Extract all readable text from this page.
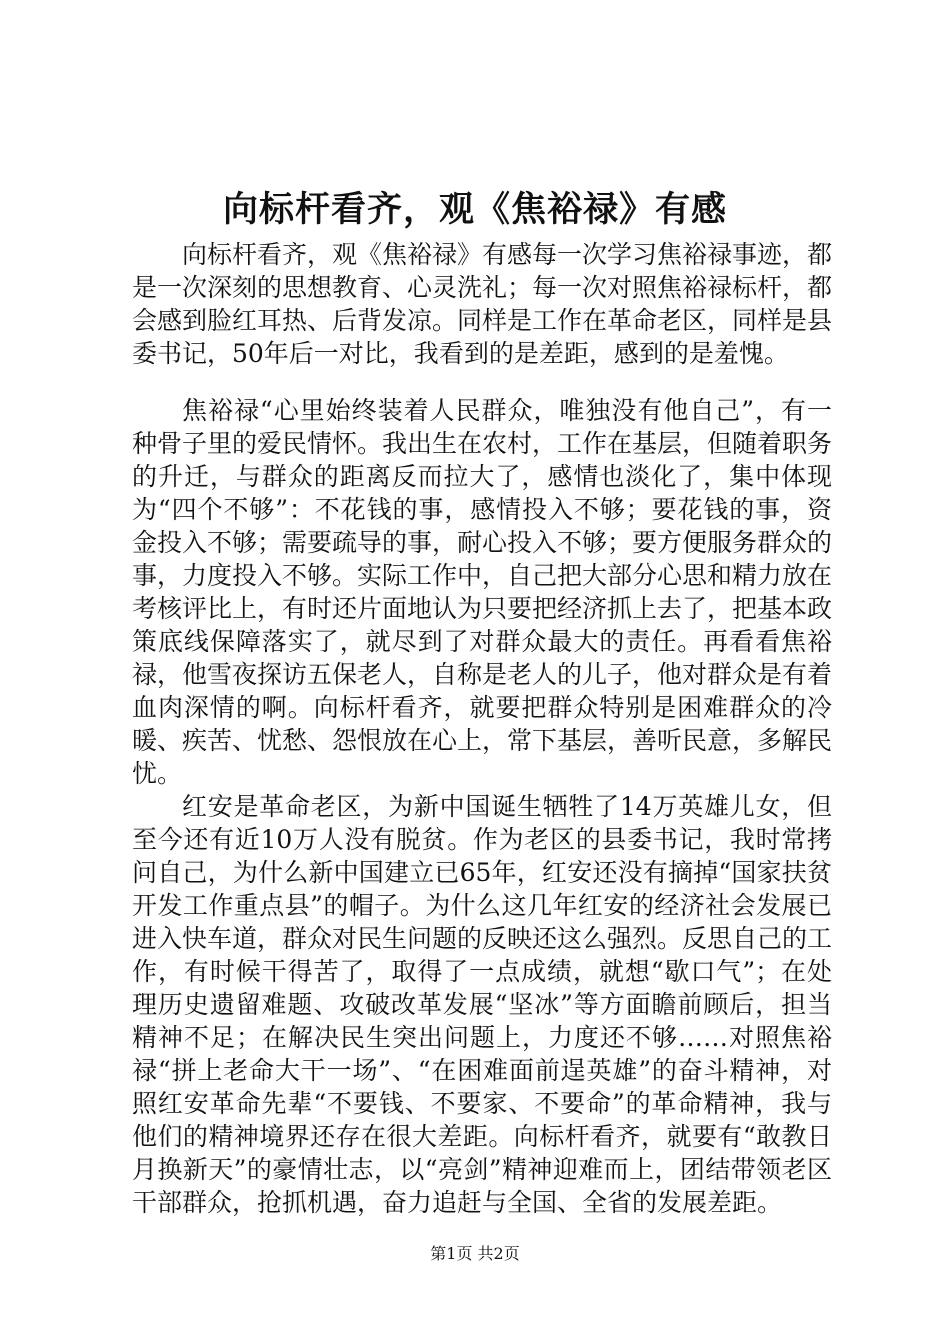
向标杆看齐，观《焦裕禄》有感

向标杆看齐，观《焦裕禄》有感每一次学习焦裕禄事迹，都是一次深刻的思想教育、心灵洗礼；每一次对照焦裕禄标杆，都会感到脸红耳热、后背发凉。同样是工作在革命老区，同样是县委书记，50年后一对比，我看到的是差距，感到的是羞愧。

焦裕禄“心里始终装着人民群众，唯独没有他自己”，有一种骨子里的爱民情怀。我出生在农村，工作在基层，但随着职务的升迁，与群众的距离反而拉大了，感情也淡化了，集中体现为“四个不够”：不花钱的事，感情投入不够；要花钱的事，资金投入不够；需要疏导的事，耐心投入不够；要方便服务群众的事，力度投入不够。实际工作中，自己把大部分心思和精力放在考核评比上，有时还片面地认为只要把经济抓上去了，把基本政策底线保障落实了，就尽到了对群众最大的责任。再看看焦裕禄，他雪夜探访五保老人，自称是老人的儿子，他对群众是有着血肉深情的啊。向标杆看齐，就要把群众特别是困难群众的冷暖、疾苦、忧愁、怨恨放在心上，常下基层，善听民意，多解民忧。

红安是革命老区，为新中国诞生牺牲了14万英雄儿女，但至今还有近10万人没有脱贫。作为老区的县委书记，我时常拷问自己，为什么新中国建立已65年，红安还没有摘掉“国家扶贫开发工作重点县”的帽子。为什么这几年红安的经济社会发展已进入快车道，群众对民生问题的反映还这么强烈。反思自己的工作，有时候干得苦了，取得了一点成绩，就想“歇口气”；在处理历史遗留难题、攻破改革发展“坚冰”等方面瞻前顾后，担当精神不足；在解决民生突出问题上，力度还不够……对照焦裕禄“拼上老命大干一场”、“在困难面前逞英雄”的奋斗精神，对照红安革命先辈“不要钱、不要家、不要命”的革命精神，我与他们的精神境界还存在很大差距。向标杆看齐，就要有“敢教日月换新天”的豪情壮志，以“亮剑”精神迎难而上，团结带领老区干部群众，抢抓机遇，奋力追赶与全国、全省的发展差距。

第1页 共2页
